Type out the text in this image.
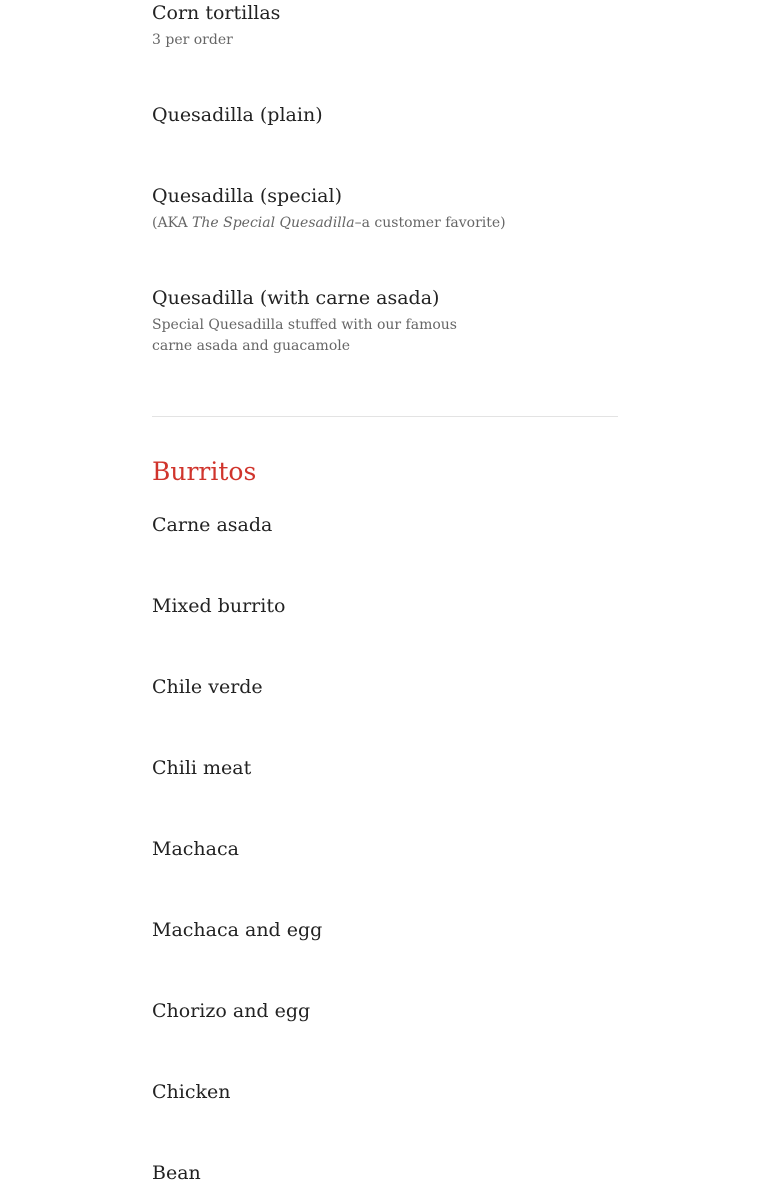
Corn tortillas
3 per order
Quesadilla (plain)
Quesadilla (special)
(AKA The Special Quesadilla–a customer favorite)
Quesadilla (with carne asada)
Special Quesadilla stuffed with our famous carne asada and guacamole
Burritos
Carne asada
Mixed burrito
Chile verde
Chili meat
Machaca
Machaca and egg
Chorizo and egg
Chicken
Bean
